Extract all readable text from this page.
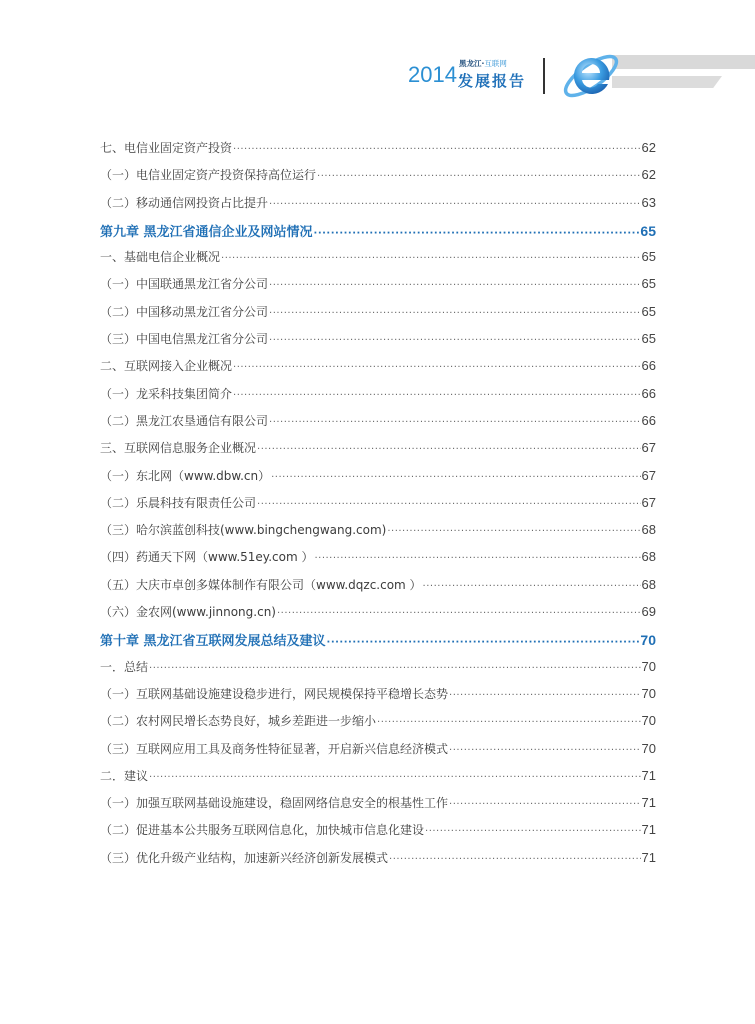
2014 黑龙江·互联网
发展报告
七、电信业固定资产投资 ·····	62
（一）电信业固定资产投资保持高位运行 ·····	62
（二）移动通信网投资占比提升 ·····	63
第九章 黑龙江省通信企业及网站情况 ·····	65
一、基础电信企业概况 ·····	65
（一）中国联通黑龙江省分公司 ·····	65
（二）中国移动黑龙江省分公司 ·····	65
（三）中国电信黑龙江省分公司 ·····	65
二、互联网接入企业概况 ·····	66
（一）龙采科技集团简介 ·····	66
（二）黑龙江农垦通信有限公司 ·····	66
三、互联网信息服务企业概况 ·····	67
（一）东北网（www.dbw.cn） ·····	67
（二）乐晨科技有限责任公司 ·····	67
（三）哈尔滨蓝创科技(www.bingchengwang.com) ·····	68
（四）药通天下网（www.51ey.com ） ·····	68
（五）大庆市卓创多媒体制作有限公司（www.dqzc.com ） ·····	68
（六）金农网(www.jinnong.cn) ·····	69
第十章 黑龙江省互联网发展总结及建议 ·····	70
一．总结 ·····	70
（一）互联网基础设施建设稳步进行，网民规模保持平稳增长态势 ·····	70
（二）农村网民增长态势良好，城乡差距进一步缩小 ·····	70
（三）互联网应用工具及商务性特征显著，开启新兴信息经济模式 ·····	70
二．建议 ·····	71
（一）加强互联网基础设施建设，稳固网络信息安全的根基性工作 ·····	71
（二）促进基本公共服务互联网信息化，加快城市信息化建设 ·····	71
（三）优化升级产业结构，加速新兴经济创新发展模式 ·····	71
